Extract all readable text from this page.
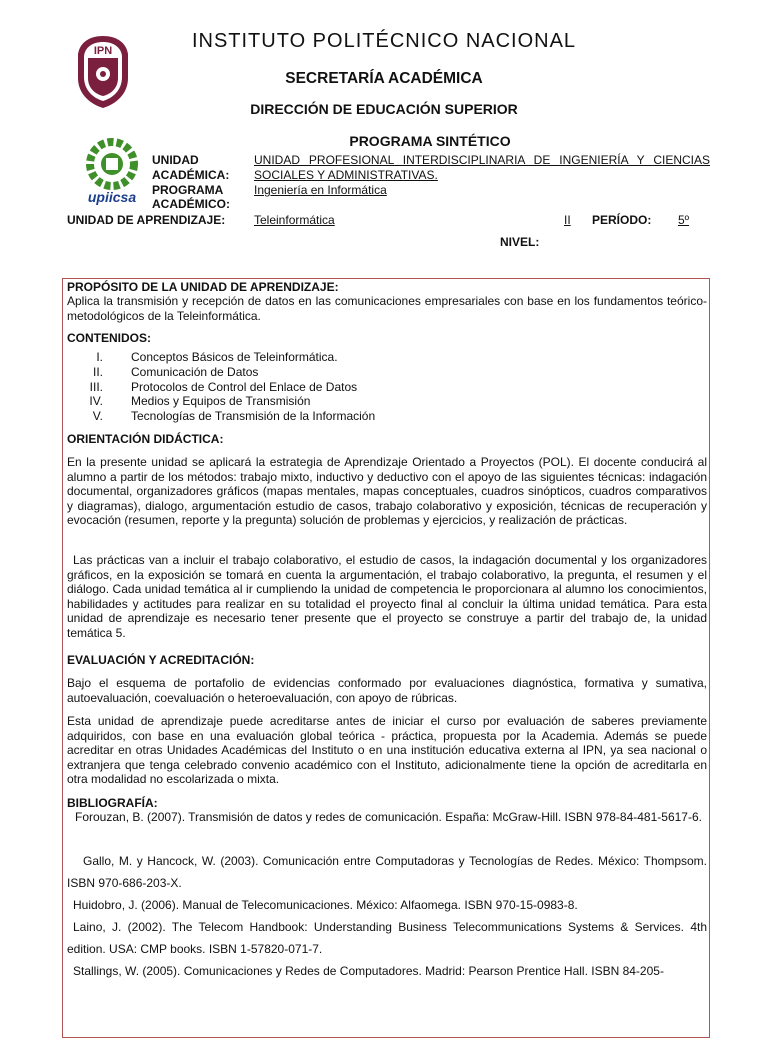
IPN	INSTITUTO POLITÉCNICO NACIONAL
SECRETARÍA ACADÉMICA
DIRECCIÓN DE EDUCACIÓN SUPERIOR
PROGRAMA SINTÉTICO
upiicsa
UNIDAD
ACADÉMICA:
UNIDAD PROFESIONAL INTERDISCIPLINARIA DE INGENIERÍA Y CIENCIAS
SOCIALES Y ADMINISTRATIVAS.
PROGRAMA
ACADÉMICO:
Ingeniería en Informática
UNIDAD DE APRENDIZAJE: Teleinformática	II PERÍODO: 5º
NIVEL:
PROPÓSITO DE LA UNIDAD DE APRENDIZAJE:
Aplica la transmisión y recepción de datos en las comunicaciones empresariales con base en los fundamentos teórico-metodológicos de la Teleinformática.
CONTENIDOS:
I. Conceptos Básicos de Teleinformática.
II. Comunicación de Datos
III. Protocolos de Control del Enlace de Datos
IV. Medios y Equipos de Transmisión
V. Tecnologías de Transmisión de la Información
ORIENTACIÓN DIDÁCTICA:
En la presente unidad se aplicará la estrategia de Aprendizaje Orientado a Proyectos (POL). El docente conducirá al alumno a partir de los métodos: trabajo mixto, inductivo y deductivo con el apoyo de las siguientes técnicas: indagación documental, organizadores gráficos (mapas mentales, mapas conceptuales, cuadros sinópticos, cuadros comparativos y diagramas), dialogo, argumentación estudio de casos, trabajo colaborativo y exposición, técnicas de recuperación y evocación (resumen, reporte y la pregunta) solución de problemas y ejercicios, y realización de prácticas.
Las prácticas van a incluir el trabajo colaborativo, el estudio de casos, la indagación documental y los organizadores gráficos, en la exposición se tomará en cuenta la argumentación, el trabajo colaborativo, la pregunta, el resumen y el diálogo. Cada unidad temática al ir cumpliendo la unidad de competencia le proporcionara al alumno los conocimientos, habilidades y actitudes para realizar en su totalidad el proyecto final al concluir la última unidad temática. Para esta unidad de aprendizaje es necesario tener presente que el proyecto se construye a partir del trabajo de, la unidad temática 5.
EVALUACIÓN Y ACREDITACIÓN:
Bajo el esquema de portafolio de evidencias conformado por evaluaciones diagnóstica, formativa y sumativa, autoevaluación, coevaluación o heteroevaluación, con apoyo de rúbricas.
Esta unidad de aprendizaje puede acreditarse antes de iniciar el curso por evaluación de saberes previamente adquiridos, con base en una evaluación global teórica - práctica, propuesta por la Academia. Además se puede acreditar en otras Unidades Académicas del Instituto o en una institución educativa externa al IPN, ya sea nacional o extranjera que tenga celebrado convenio académico con el Instituto, adicionalmente tiene la opción de acreditarla en otra modalidad no escolarizada o mixta.
BIBLIOGRAFÍA:
Forouzan, B. (2007). Transmisión de datos y redes de comunicación. España: McGraw-Hill. ISBN 978-84-481-5617-6.
Gallo, M. y Hancock, W. (2003). Comunicación entre Computadoras y Tecnologías de Redes. México: Thompsom. ISBN 970-686-203-X.
Huidobro, J. (2006). Manual de Telecomunicaciones. México: Alfaomega. ISBN 970-15-0983-8.
Laino, J. (2002). The Telecom Handbook: Understanding Business Telecommunications Systems & Services. 4th edition. USA: CMP books. ISBN 1-57820-071-7.
Stallings, W. (2005). Comunicaciones y Redes de Computadores. Madrid: Pearson Prentice Hall. ISBN 84-205-
